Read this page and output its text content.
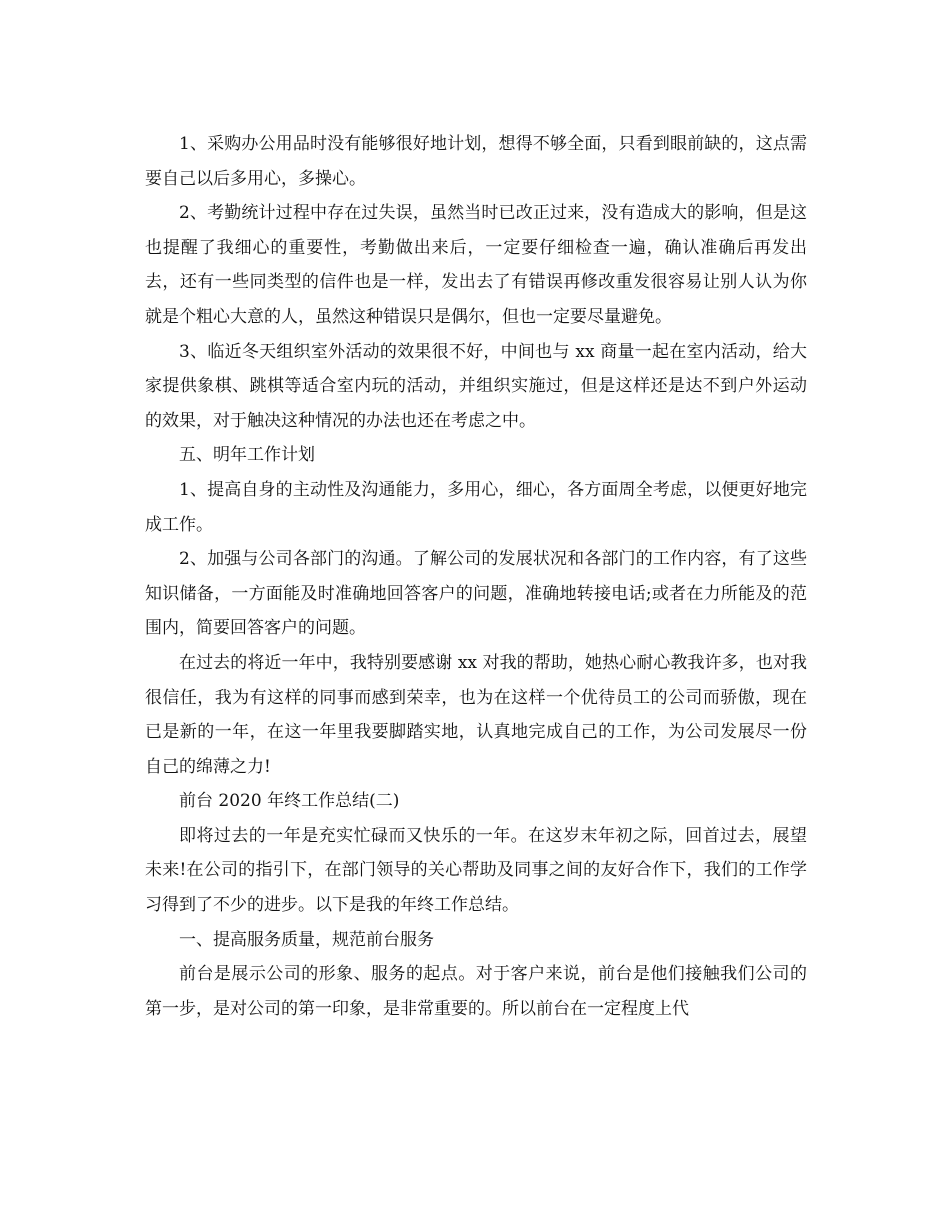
1、采购办公用品时没有能够很好地计划，想得不够全面，只看到眼前缺的，这点需要自己以后多用心，多操心。

2、考勤统计过程中存在过失误，虽然当时已改正过来，没有造成大的影响，但是这也提醒了我细心的重要性，考勤做出来后，一定要仔细检查一遍，确认准确后再发出去，还有一些同类型的信件也是一样，发出去了有错误再修改重发很容易让别人认为你就是个粗心大意的人，虽然这种错误只是偶尔，但也一定要尽量避免。

3、临近冬天组织室外活动的效果很不好，中间也与 xx 商量一起在室内活动，给大家提供象棋、跳棋等适合室内玩的活动，并组织实施过，但是这样还是达不到户外运动的效果，对于触决这种情况的办法也还在考虑之中。

五、明年工作计划

1、提高自身的主动性及沟通能力，多用心，细心，各方面周全考虑，以便更好地完成工作。

2、加强与公司各部门的沟通。了解公司的发展状况和各部门的工作内容，有了这些知识储备，一方面能及时准确地回答客户的问题，准确地转接电话;或者在力所能及的范围内，简要回答客户的问题。

在过去的将近一年中，我特别要感谢 xx 对我的帮助，她热心耐心教我许多，也对我很信任，我为有这样的同事而感到荣幸，也为在这样一个优待员工的公司而骄傲，现在已是新的一年，在这一年里我要脚踏实地，认真地完成自己的工作，为公司发展尽一份自己的绵薄之力!

前台 2020 年终工作总结(二)

即将过去的一年是充实忙碌而又快乐的一年。在这岁末年初之际，回首过去，展望未来!在公司的指引下，在部门领导的关心帮助及同事之间的友好合作下，我们的工作学习得到了不少的进步。以下是我的年终工作总结。

一、提高服务质量，规范前台服务

前台是展示公司的形象、服务的起点。对于客户来说，前台是他们接触我们公司的第一步，是对公司的第一印象，是非常重要的。所以前台在一定程度上代
